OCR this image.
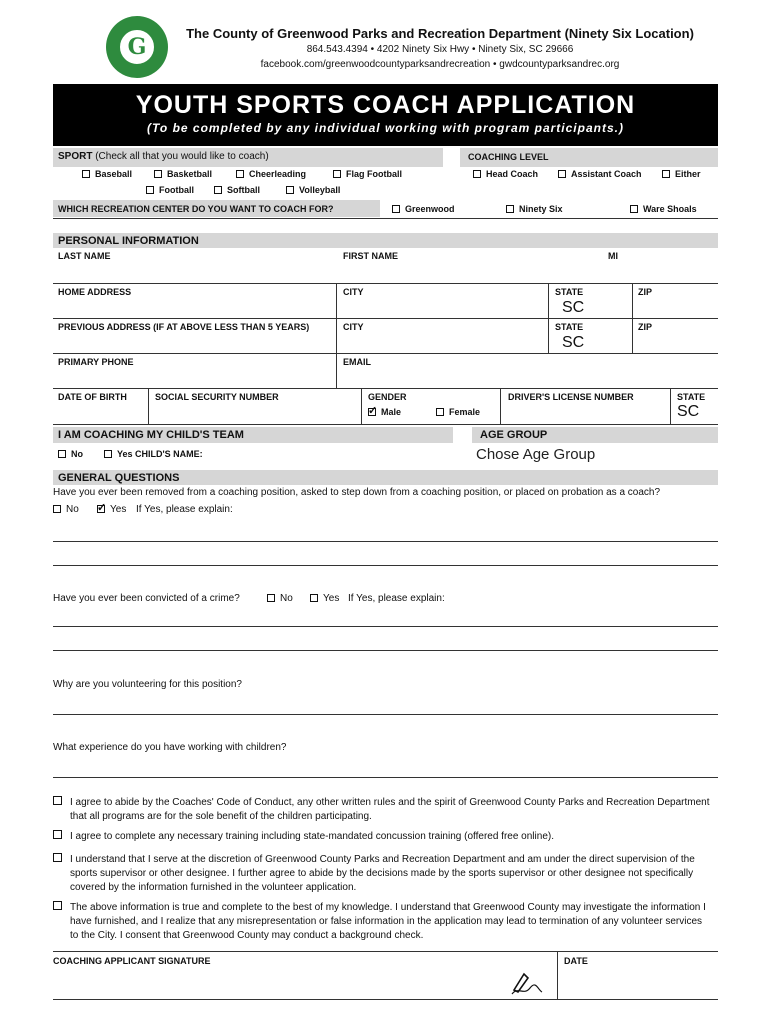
G
The County of Greenwood Parks and Recreation Department (Ninety Six Location)
864.543.4394 • 4202 Ninety Six Hwy • Ninety Six, SC 29666
facebook.com/greenwoodcountyparksandrecreation • gwdcountyparksandrec.org
YOUTH SPORTS COACH APPLICATION
(To be completed by any individual working with program participants.)
SPORT (Check all that you would like to coach)	COACHING LEVEL
Baseball	Basketball	Cheerleading	Flag Football
Football	Softball	Volleyball
Head Coach	Assistant Coach	Either
WHICH RECREATION CENTER DO YOU WANT TO COACH FOR?	Greenwood	Ninety Six	Ware Shoals
PERSONAL INFORMATION
LAST NAME	FIRST NAME	MI
HOME ADDRESS	CITY	STATE	ZIP
SC
PREVIOUS ADDRESS (IF AT ABOVE LESS THAN 5 YEARS)	CITY	STATE	ZIP
SC
PRIMARY PHONE	EMAIL
DATE OF BIRTH	SOCIAL SECURITY NUMBER	GENDER
✓Male	Female
DRIVER'S LICENSE NUMBER	STATE
SC
I AM COACHING MY CHILD'S TEAM	AGE GROUP
No	Yes CHILD'S NAME:	Chose Age Group
GENERAL QUESTIONS
Have you ever been removed from a coaching position, asked to step down from a coaching position, or placed on probation as a coach?
No
✓	Yes If Yes, please explain:
Have you ever been convicted of a crime?	No	Yes If Yes, please explain:
Why are you volunteering for this position?
What experience do you have working with children?
I agree to abide by the Coaches' Code of Conduct, any other written rules and the spirit of Greenwood County Parks and Recreation Department that all programs are for the sole benefit of the children participating.
I agree to complete any necessary training including state-mandated concussion training (offered free online).
I understand that I serve at the discretion of Greenwood County Parks and Recreation Department and am under the direct supervision of the sports supervisor or other designee. I further agree to abide by the decisions made by the sports supervisor or other designee not specifically covered by the information furnished in the volunteer application.
The above information is true and complete to the best of my knowledge. I understand that Greenwood County may investigate the information I have furnished, and I realize that any misrepresentation or false information in the application may lead to termination of any volunteer services to the City. I consent that Greenwood County may conduct a background check.
COACHING APPLICANT SIGNATURE	DATE
